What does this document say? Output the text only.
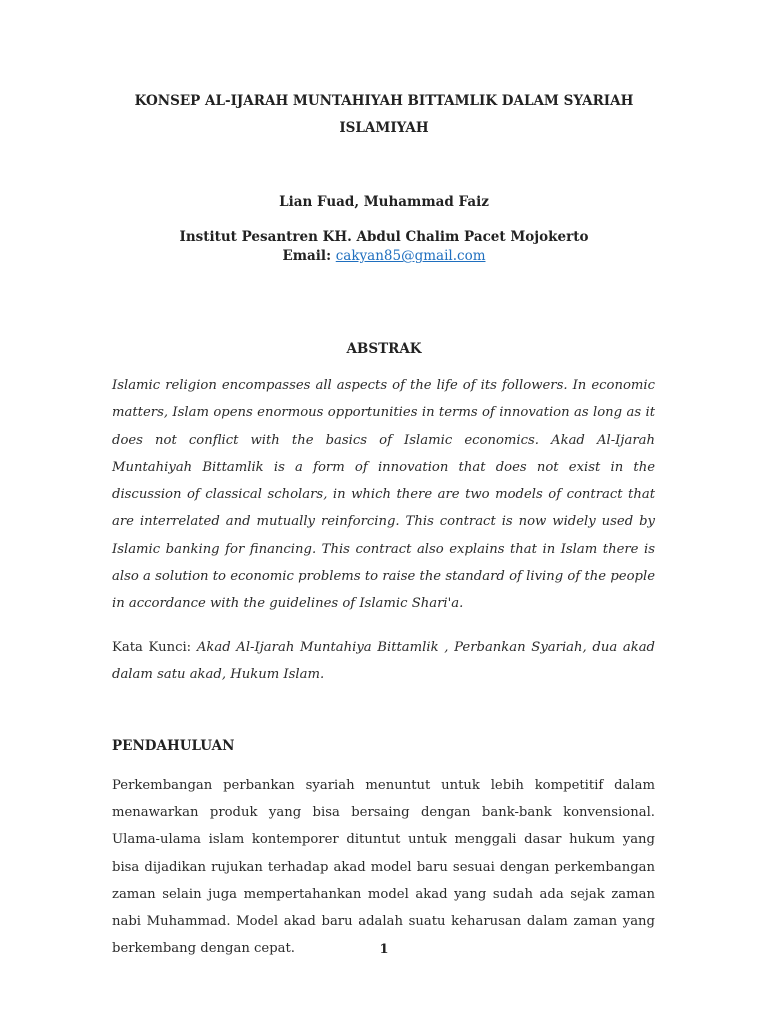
KONSEP AL-IJARAH MUNTAHIYAH BITTAMLIK DALAM SYARIAH ISLAMIYAH
Lian Fuad, Muhammad Faiz
Institut Pesantren KH. Abdul Chalim Pacet Mojokerto
Email: cakyan85@gmail.com
ABSTRAK
Islamic religion encompasses all aspects of the life of its followers. In economic matters, Islam opens enormous opportunities in terms of innovation as long as it does not conflict with the basics of Islamic economics. Akad Al-Ijarah Muntahiyah Bittamlik is a form of innovation that does not exist in the discussion of classical scholars, in which there are two models of contract that are interrelated and mutually reinforcing. This contract is now widely used by Islamic banking for financing. This contract also explains that in Islam there is also a solution to economic problems to raise the standard of living of the people in accordance with the guidelines of Islamic Shari'a.
Kata Kunci: Akad Al-Ijarah Muntahiya Bittamlik , Perbankan Syariah, dua akad dalam satu akad, Hukum Islam.
PENDAHULUAN
Perkembangan perbankan syariah menuntut untuk lebih kompetitif dalam menawarkan produk yang bisa bersaing dengan bank-bank konvensional. Ulama-ulama islam kontemporer dituntut untuk menggali dasar hukum yang bisa dijadikan rujukan terhadap akad model baru sesuai dengan perkembangan zaman selain juga mempertahankan model akad yang sudah ada sejak zaman nabi Muhammad. Model akad baru adalah suatu keharusan dalam zaman yang berkembang dengan cepat.	1
